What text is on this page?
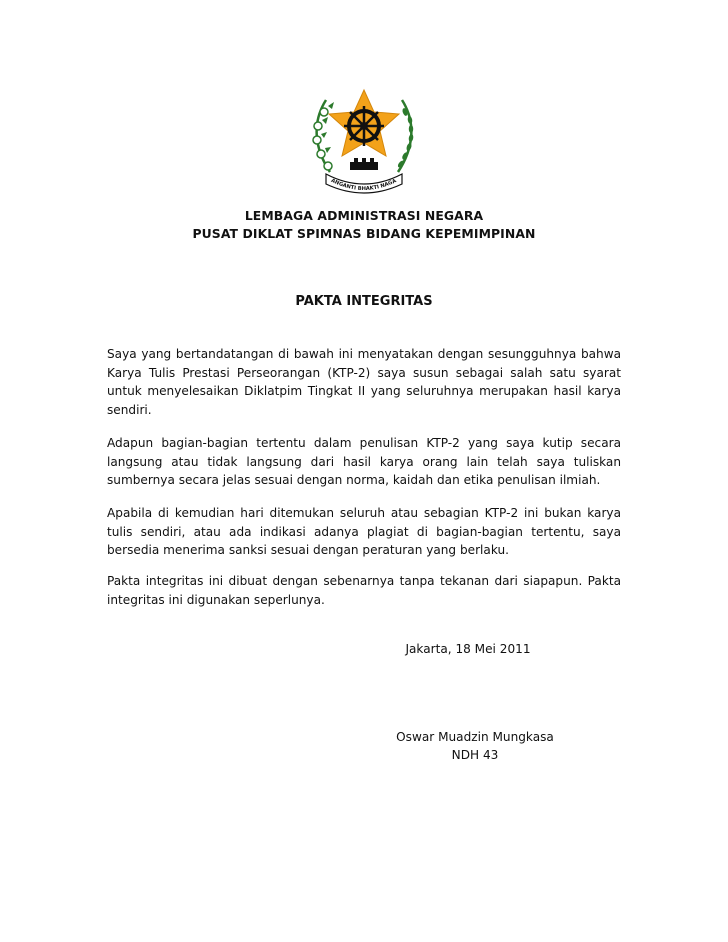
ANGANTI BHAKTI NAGA
LEMBAGA ADMINISTRASI NEGARA
PUSAT DIKLAT SPIMNAS BIDANG KEPEMIMPINAN
PAKTA INTEGRITAS

Saya yang bertandatangan di bawah ini menyatakan dengan sesungguhnya bahwa Karya Tulis Prestasi Perseorangan (KTP-2) saya susun sebagai salah satu syarat untuk menyelesaikan Diklatpim Tingkat II yang seluruhnya merupakan hasil karya sendiri.

Adapun bagian-bagian tertentu dalam penulisan KTP-2 yang saya kutip secara langsung atau tidak langsung dari hasil karya orang lain telah saya tuliskan sumbernya secara jelas sesuai dengan norma, kaidah dan etika penulisan ilmiah.

Apabila di kemudian hari ditemukan seluruh atau sebagian KTP-2 ini bukan karya tulis sendiri, atau ada indikasi adanya plagiat di bagian-bagian tertentu, saya bersedia menerima sanksi sesuai dengan peraturan yang berlaku.

Pakta integritas ini dibuat dengan sebenarnya tanpa tekanan dari siapapun. Pakta integritas ini digunakan seperlunya.

Jakarta, 18 Mei 2011
Oswar Muadzin Mungkasa
NDH 43
